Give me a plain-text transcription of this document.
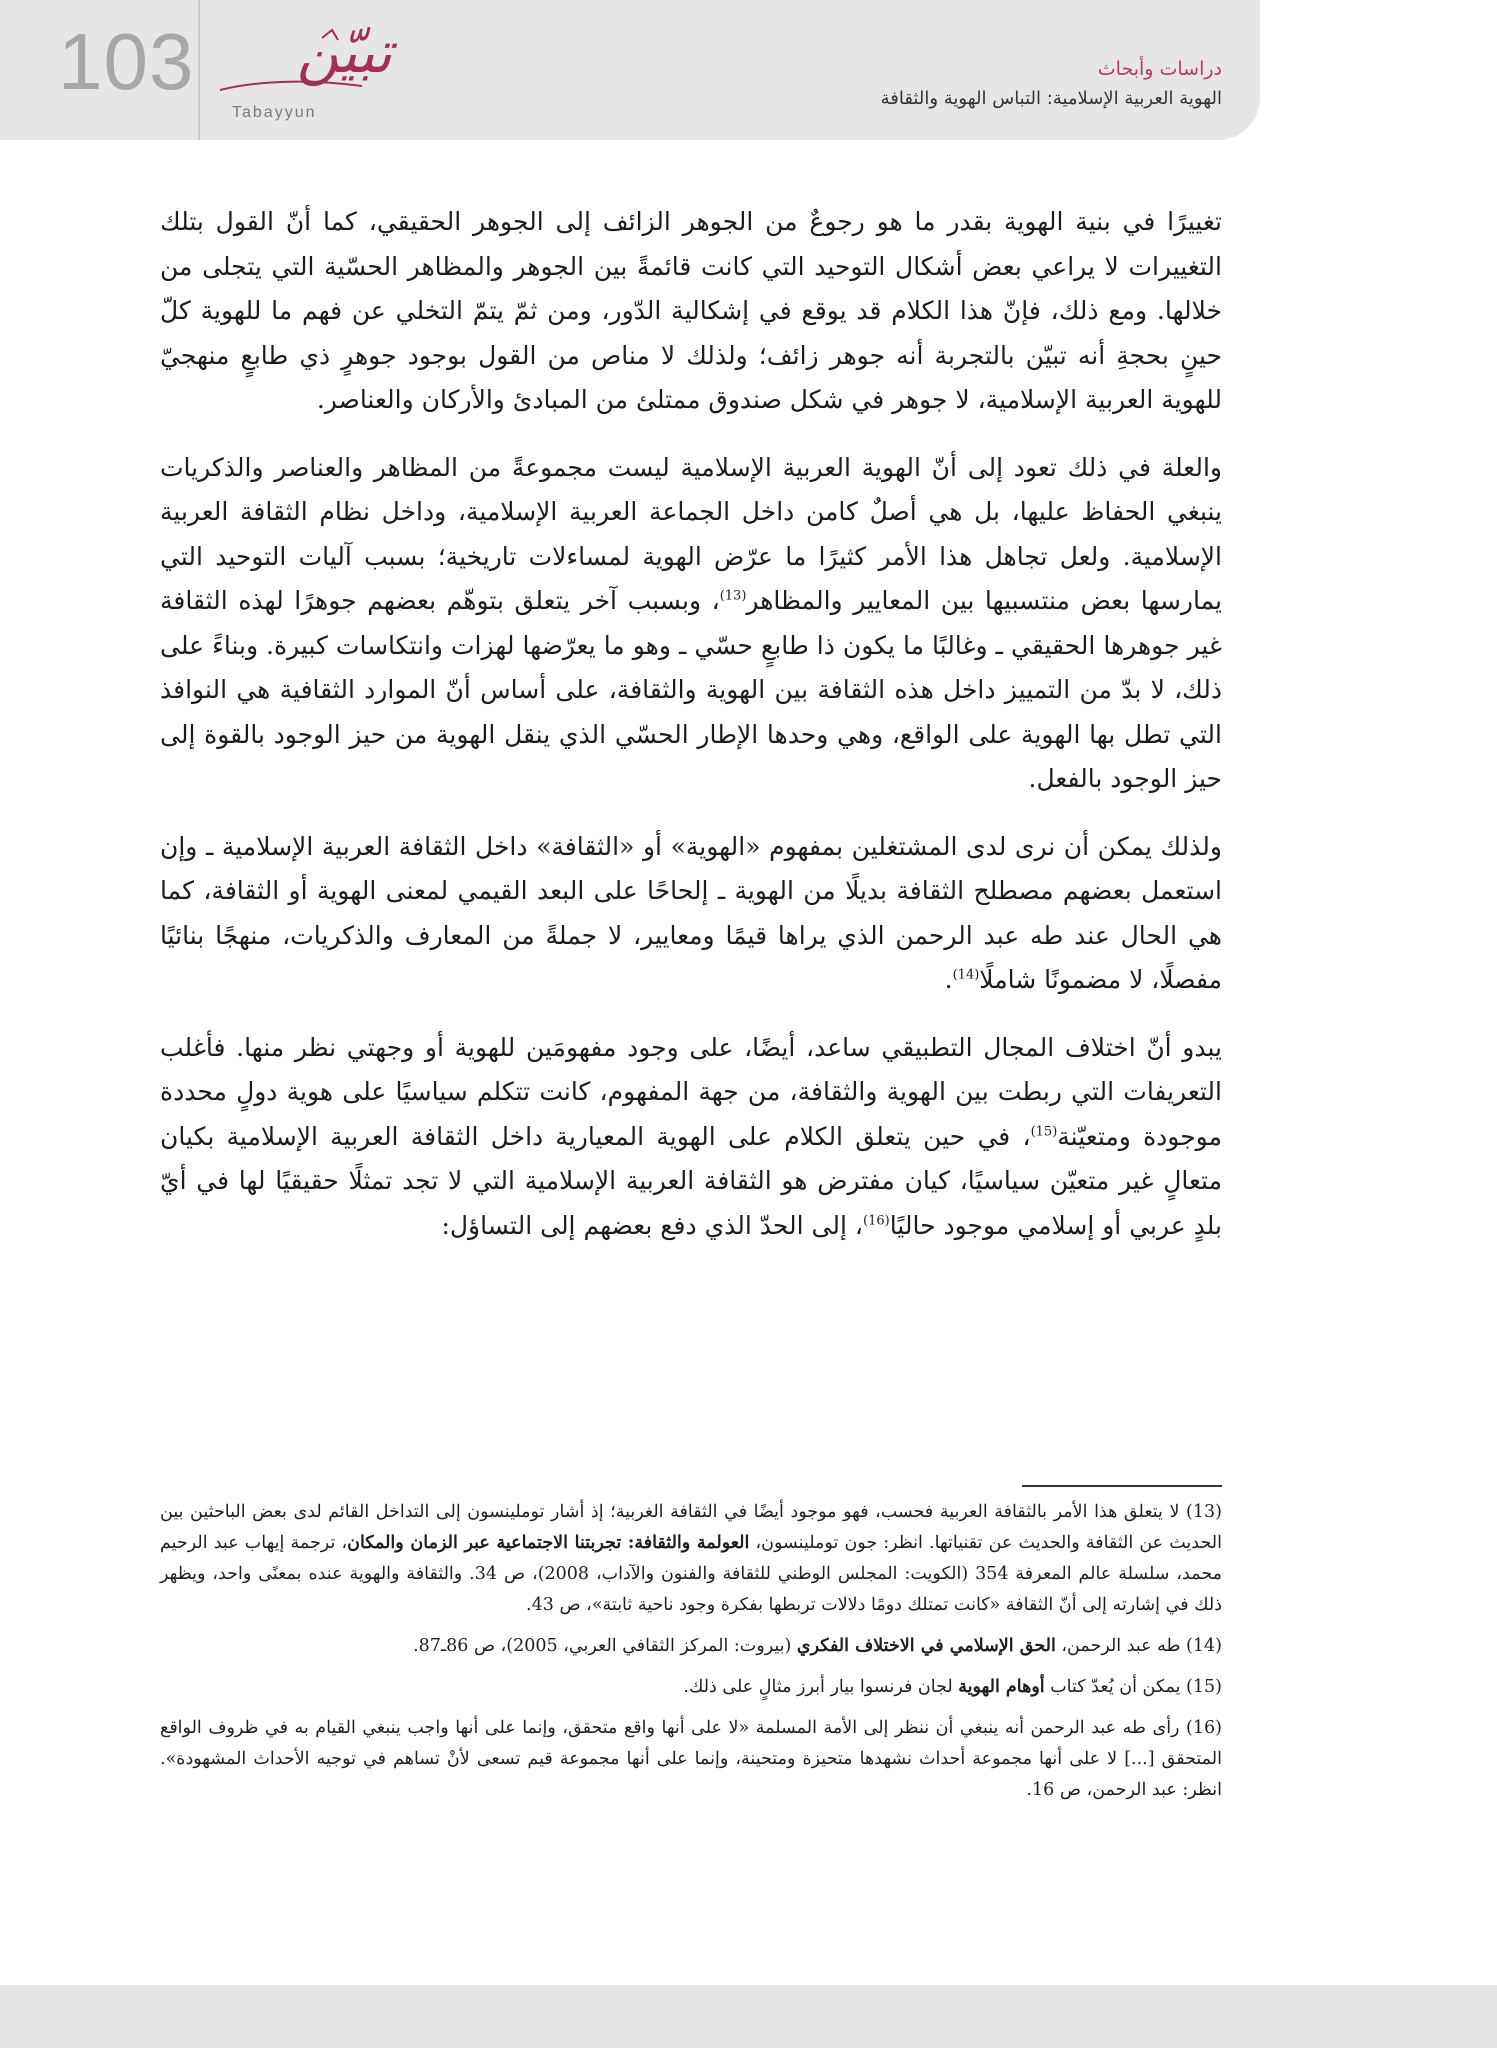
103 تبيّن
Tabayyun
دراسات وأبحاث
الهوية العربية الإسلامية: التباس الهوية والثقافة

تغييرًا في بنية الهوية بقدر ما هو رجوعٌ من الجوهر الزائف إلى الجوهر الحقيقي، كما أنّ القول بتلك التغييرات لا يراعي بعض أشكال التوحيد التي كانت قائمةً بين الجوهر والمظاهر الحسّية التي يتجلى من خلالها. ومع ذلك، فإنّ هذا الكلام قد يوقع في إشكالية الدّور، ومن ثمّ يتمّ التخلي عن فهم ما للهوية كلّ حينٍ بحجةِ أنه تبيّن بالتجربة أنه جوهر زائف؛ ولذلك لا مناص من القول بوجود جوهرٍ ذي طابعٍ منهجيّ للهوية العربية الإسلامية، لا جوهر في شكل صندوق ممتلئ من المبادئ والأركان والعناصر.

والعلة في ذلك تعود إلى أنّ الهوية العربية الإسلامية ليست مجموعةً من المظاهر والعناصر والذكريات ينبغي الحفاظ عليها، بل هي أصلٌ كامن داخل الجماعة العربية الإسلامية، وداخل نظام الثقافة العربية الإسلامية. ولعل تجاهل هذا الأمر كثيرًا ما عرّض الهوية لمساءلات تاريخية؛ بسبب آليات التوحيد التي يمارسها بعض منتسبيها بين المعايير والمظاهر$^{(13)}$، وبسبب آخر يتعلق بتوهّم بعضهم جوهرًا لهذه الثقافة غير جوهرها الحقيقي ـ وغالبًا ما يكون ذا طابعٍ حسّي ـ وهو ما يعرّضها لهزات وانتكاسات كبيرة. وبناءً على ذلك، لا بدّ من التمييز داخل هذه الثقافة بين الهوية والثقافة، على أساس أنّ الموارد الثقافية هي النوافذ التي تطل بها الهوية على الواقع، وهي وحدها الإطار الحسّي الذي ينقل الهوية من حيز الوجود بالقوة إلى حيز الوجود بالفعل.

ولذلك يمكن أن نرى لدى المشتغلين بمفهوم «الهوية» أو «الثقافة» داخل الثقافة العربية الإسلامية ـ وإن استعمل بعضهم مصطلح الثقافة بديلًا من الهوية ـ إلحاحًا على البعد القيمي لمعنى الهوية أو الثقافة، كما هي الحال عند طه عبد الرحمن الذي يراها قيمًا ومعايير، لا جملةً من المعارف والذكريات، منهجًا بنائيًا مفصلًا، لا مضمونًا شاملًا$^{(14)}$.

يبدو أنّ اختلاف المجال التطبيقي ساعد، أيضًا، على وجود مفهومَين للهوية أو وجهتي نظر منها. فأغلب التعريفات التي ربطت بين الهوية والثقافة، من جهة المفهوم، كانت تتكلم سياسيًا على هوية دولٍ محددة موجودة ومتعيّنة$^{(15)}$، في حين يتعلق الكلام على الهوية المعيارية داخل الثقافة العربية الإسلامية بكيان متعالٍ غير متعيّن سياسيًا، كيان مفترض هو الثقافة العربية الإسلامية التي لا تجد تمثلًا حقيقيًا لها في أيّ بلدٍ عربي أو إسلامي موجود حاليًا$^{(16)}$، إلى الحدّ الذي دفع بعضهم إلى التساؤل:

(13) لا يتعلق هذا الأمر بالثقافة العربية فحسب، فهو موجود أيضًا في الثقافة الغربية؛ إذ أشار توملينسون إلى التداخل القائم لدى بعض الباحثين بين الحديث عن الثقافة والحديث عن تقنياتها. انظر: جون توملينسون، العولمة والثقافة: تجربتنا الاجتماعية عبر الزمان والمكان، ترجمة إيهاب عبد الرحيم محمد، سلسلة عالم المعرفة 354 (الكويت: المجلس الوطني للثقافة والفنون والآداب، 2008)، ص 34. والثقافة والهوية عنده بمعنًى واحد، ويظهر ذلك في إشارته إلى أنّ الثقافة «كانت تمتلك دومًا دلالات تربطها بفكرة وجود ناحية ثابتة»، ص 43.

(14) طه عبد الرحمن، الحق الإسلامي في الاختلاف الفكري (بيروت: المركز الثقافي العربي، 2005)، ص 86ـ87.

(15) يمكن أن يُعدّ كتاب أوهام الهوية لجان فرنسوا بيار أبرز مثالٍ على ذلك.

(16) رأى طه عبد الرحمن أنه ينبغي أن ننظر إلى الأمة المسلمة «لا على أنها واقع متحقق، وإنما على أنها واجب ينبغي القيام به في ظروف الواقع المتحقق [...] لا على أنها مجموعة أحداث نشهدها متحيزة ومتحينة، وإنما على أنها مجموعة قيم تسعى لأنْ تساهم في توجيه الأحداث المشهودة». انظر: عبد الرحمن، ص 16.
